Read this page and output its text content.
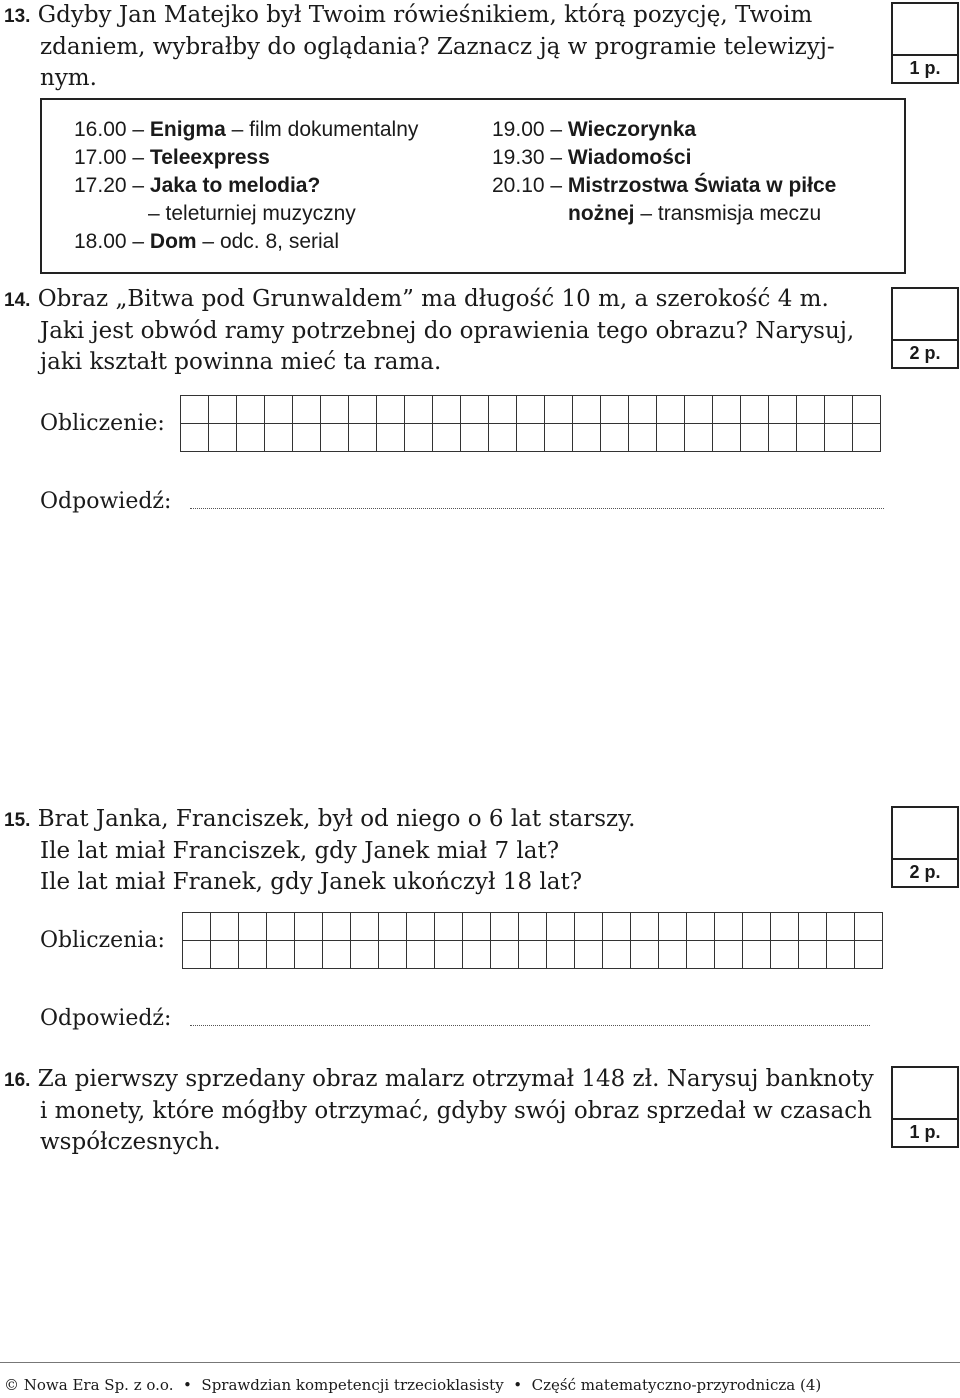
13. Gdyby Jan Matejko był Twoim rówieśnikiem, którą pozycję, Twoim
zdaniem, wybrałby do oglądania? Zaznacz ją w programie telewizyj-
nym.	1 p.
16.00 – Enigma – film dokumentalny
17.00 – Teleexpress
17.20 – Jaka to melodia?
– teleturniej muzyczny
18.00 – Dom – odc. 8, serial
19.00 – Wieczorynka
19.30 – Wiadomości
20.10 – Mistrzostwa Świata w piłce
nożnej – transmisja meczu
14. Obraz „Bitwa pod Grunwaldem” ma długość 10 m, a szerokość 4 m.
Jaki jest obwód ramy potrzebnej do oprawienia tego obrazu? Narysuj,
jaki kształt powinna mieć ta rama.	2 p.
Obliczenie:
Odpowiedź:
15. Brat Janka, Franciszek, był od niego o 6 lat starszy.
Ile lat miał Franciszek, gdy Janek miał 7 lat?
Ile lat miał Franek, gdy Janek ukończył 18 lat?	2 p.
Obliczenia:
Odpowiedź:
16. Za pierwszy sprzedany obraz malarz otrzymał 148 zł. Narysuj banknoty
i monety, które mógłby otrzymać, gdyby swój obraz sprzedał w czasach
współczesnych.	1 p.
© Nowa Era Sp. z o.o.  •  Sprawdzian kompetencji trzecioklasisty  •  Część matematyczno-przyrodnicza (4)
